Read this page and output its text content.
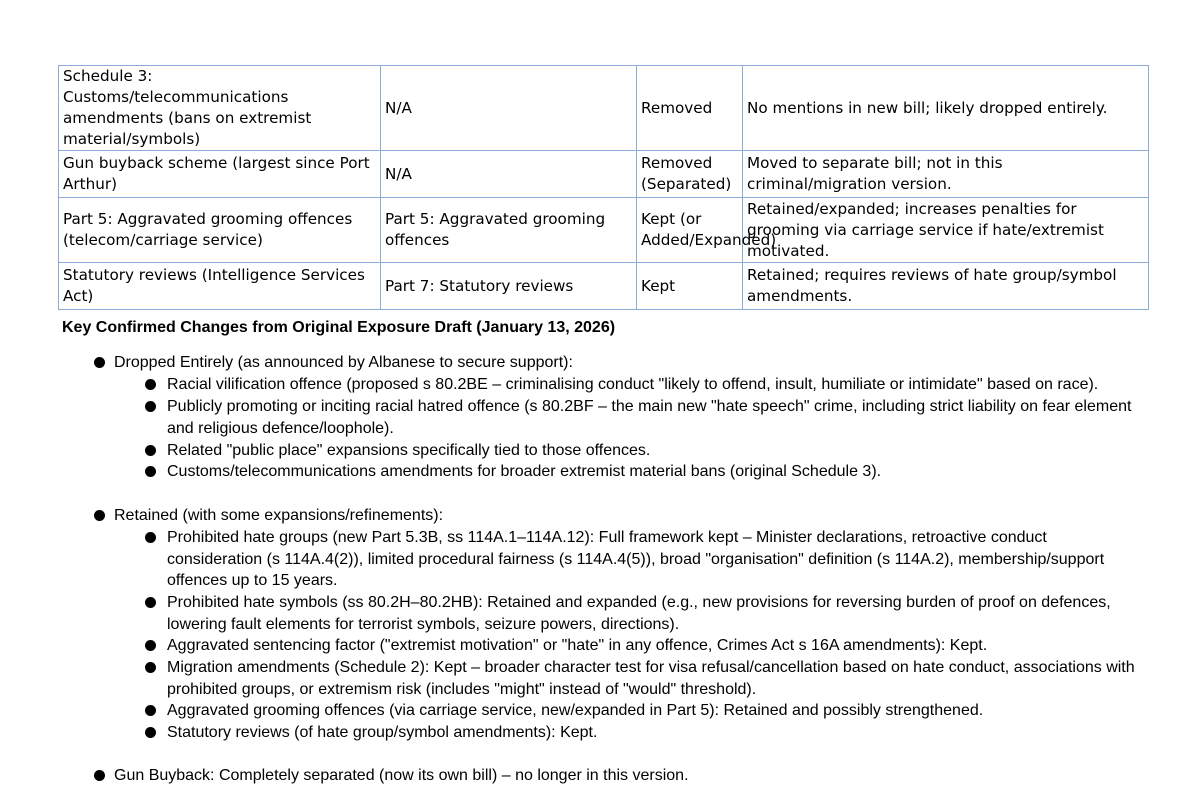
Schedule 3: Customs/telecommunications amendments (bans on extremist material/symbols)	N/A	Removed	No mentions in new bill; likely dropped entirely.
Gun buyback scheme (largest since Port Arthur)	N/A	Removed (Separated)	Moved to separate bill; not in this criminal/migration version.
Part 5: Aggravated grooming offences (telecom/carriage service)	Part 5: Aggravated grooming offences	Kept (or Added/Expanded)	Retained/expanded; increases penalties for grooming via carriage service if hate/extremist motivated.
Statutory reviews (Intelligence Services Act)	Part 7: Statutory reviews	Kept	Retained; requires reviews of hate group/symbol amendments.
Key Confirmed Changes from Original Exposure Draft (January 13, 2026)

Dropped Entirely (as announced by Albanese to secure support):

Racial vilification offence (proposed s 80.2BE – criminalising conduct "likely to offend, insult, humiliate or intimidate" based on race).

Publicly promoting or inciting racial hatred offence (s 80.2BF – the main new "hate speech" crime, including strict liability on fear element and religious defence/loophole).

Related "public place" expansions specifically tied to those offences.

Customs/telecommunications amendments for broader extremist material bans (original Schedule 3).

Retained (with some expansions/refinements):

Prohibited hate groups (new Part 5.3B, ss 114A.1–114A.12): Full framework kept – Minister declarations, retroactive conduct consideration (s 114A.4(2)), limited procedural fairness (s 114A.4(5)), broad "organisation" definition (s 114A.2), membership/support offences up to 15 years.

Prohibited hate symbols (ss 80.2H–80.2HB): Retained and expanded (e.g., new provisions for reversing burden of proof on defences, lowering fault elements for terrorist symbols, seizure powers, directions).

Aggravated sentencing factor ("extremist motivation" or "hate" in any offence, Crimes Act s 16A amendments): Kept.

Migration amendments (Schedule 2): Kept – broader character test for visa refusal/cancellation based on hate conduct, associations with prohibited groups, or extremism risk (includes "might" instead of "would" threshold).

Aggravated grooming offences (via carriage service, new/expanded in Part 5): Retained and possibly strengthened.

Statutory reviews (of hate group/symbol amendments): Kept.

Gun Buyback: Completely separated (now its own bill) – no longer in this version.
